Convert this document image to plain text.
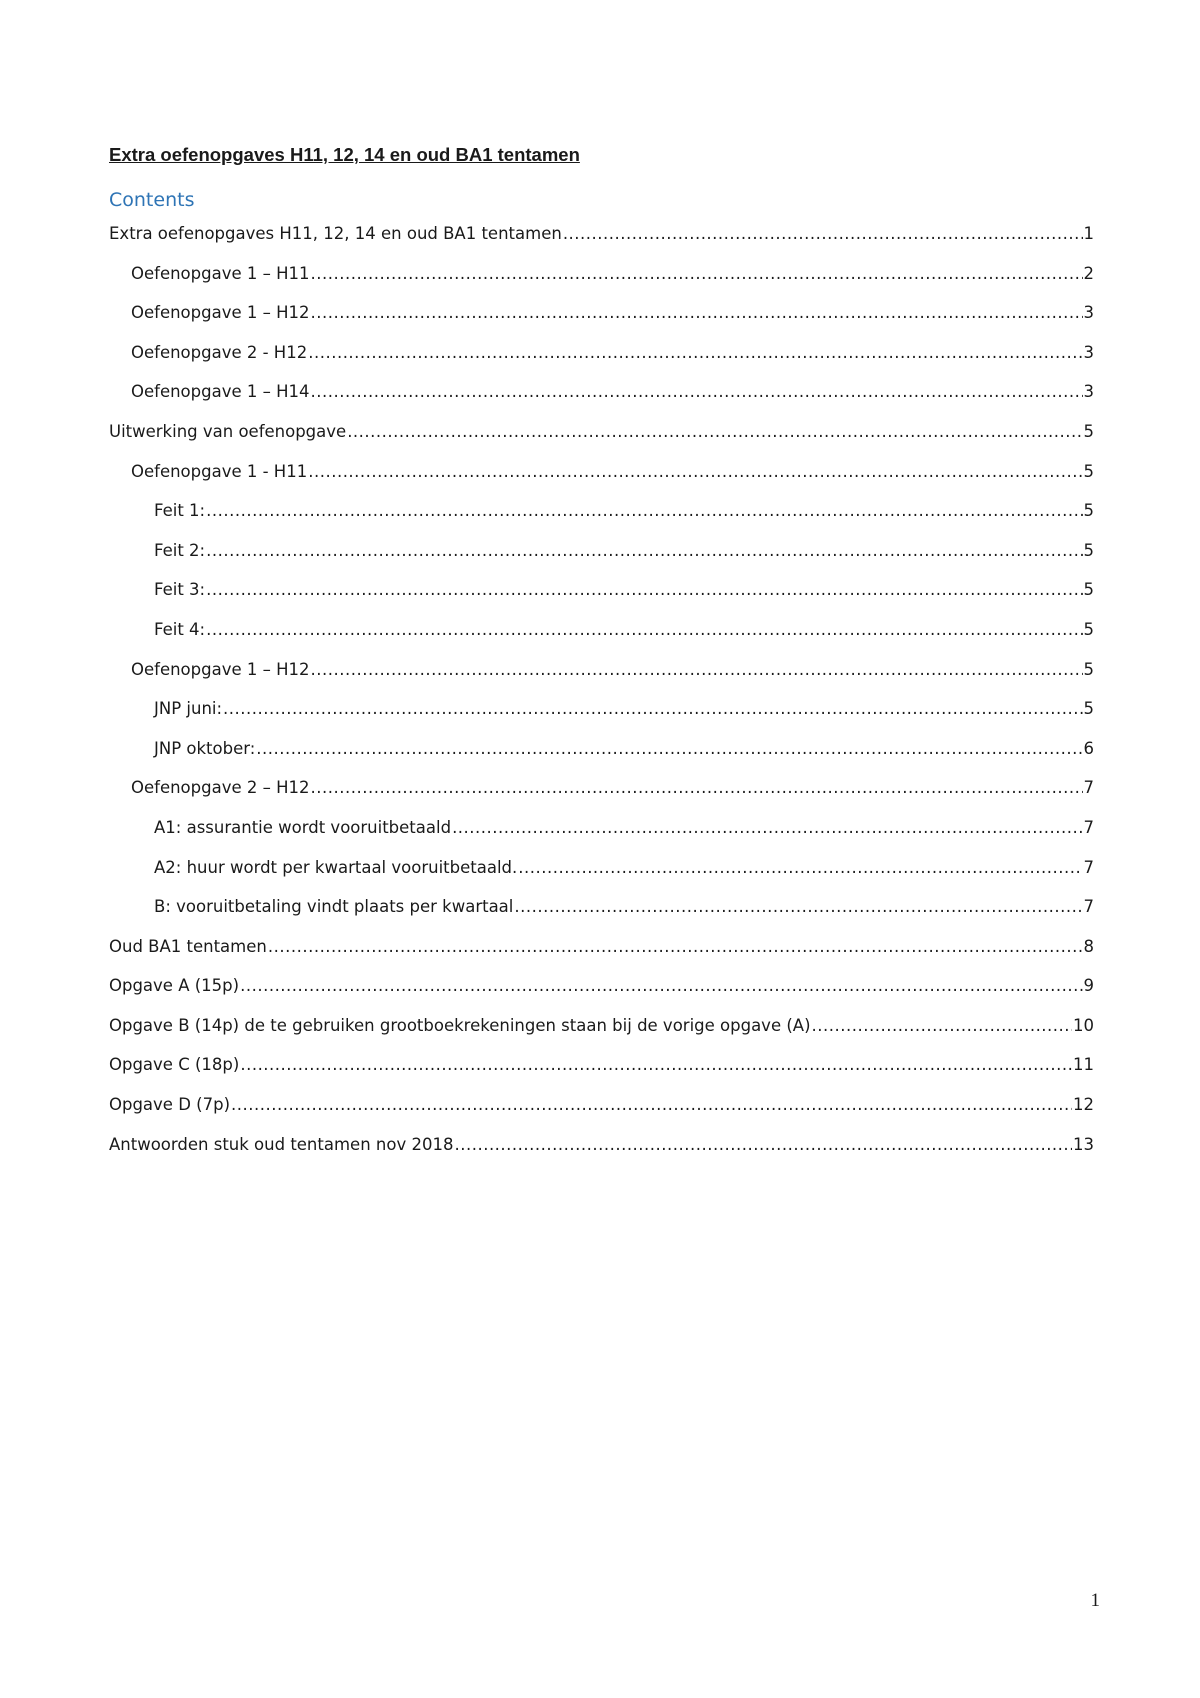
Extra oefenopgaves H11, 12, 14 en oud BA1 tentamen
Contents
Extra oefenopgaves H11, 12, 14 en oud BA1 tentamen .....	1
Oefenopgave 1 – H11 .....	2
Oefenopgave 1 – H12 .....	3
Oefenopgave 2 - H12 .....	3
Oefenopgave 1 – H14 .....	3
Uitwerking van oefenopgave .....	5
Oefenopgave 1 - H11 .....	5
Feit 1: .....	5
Feit 2: .....	5
Feit 3: .....	5
Feit 4: .....	5
Oefenopgave 1 – H12 .....	5
JNP juni: .....	5
JNP oktober: .....	6
Oefenopgave 2 – H12 .....	7
A1: assurantie wordt vooruitbetaald .....	7
A2: huur wordt per kwartaal vooruitbetaald. .....	7
B: vooruitbetaling vindt plaats per kwartaal .....	7
Oud BA1 tentamen .....	8
Opgave A (15p) .....	9
Opgave B (14p) de te gebruiken grootboekrekeningen staan bij de vorige opgave (A) .....	10
Opgave C (18p) .....	11
Opgave D (7p) .....	12
Antwoorden stuk oud tentamen nov 2018 .....	13
1
